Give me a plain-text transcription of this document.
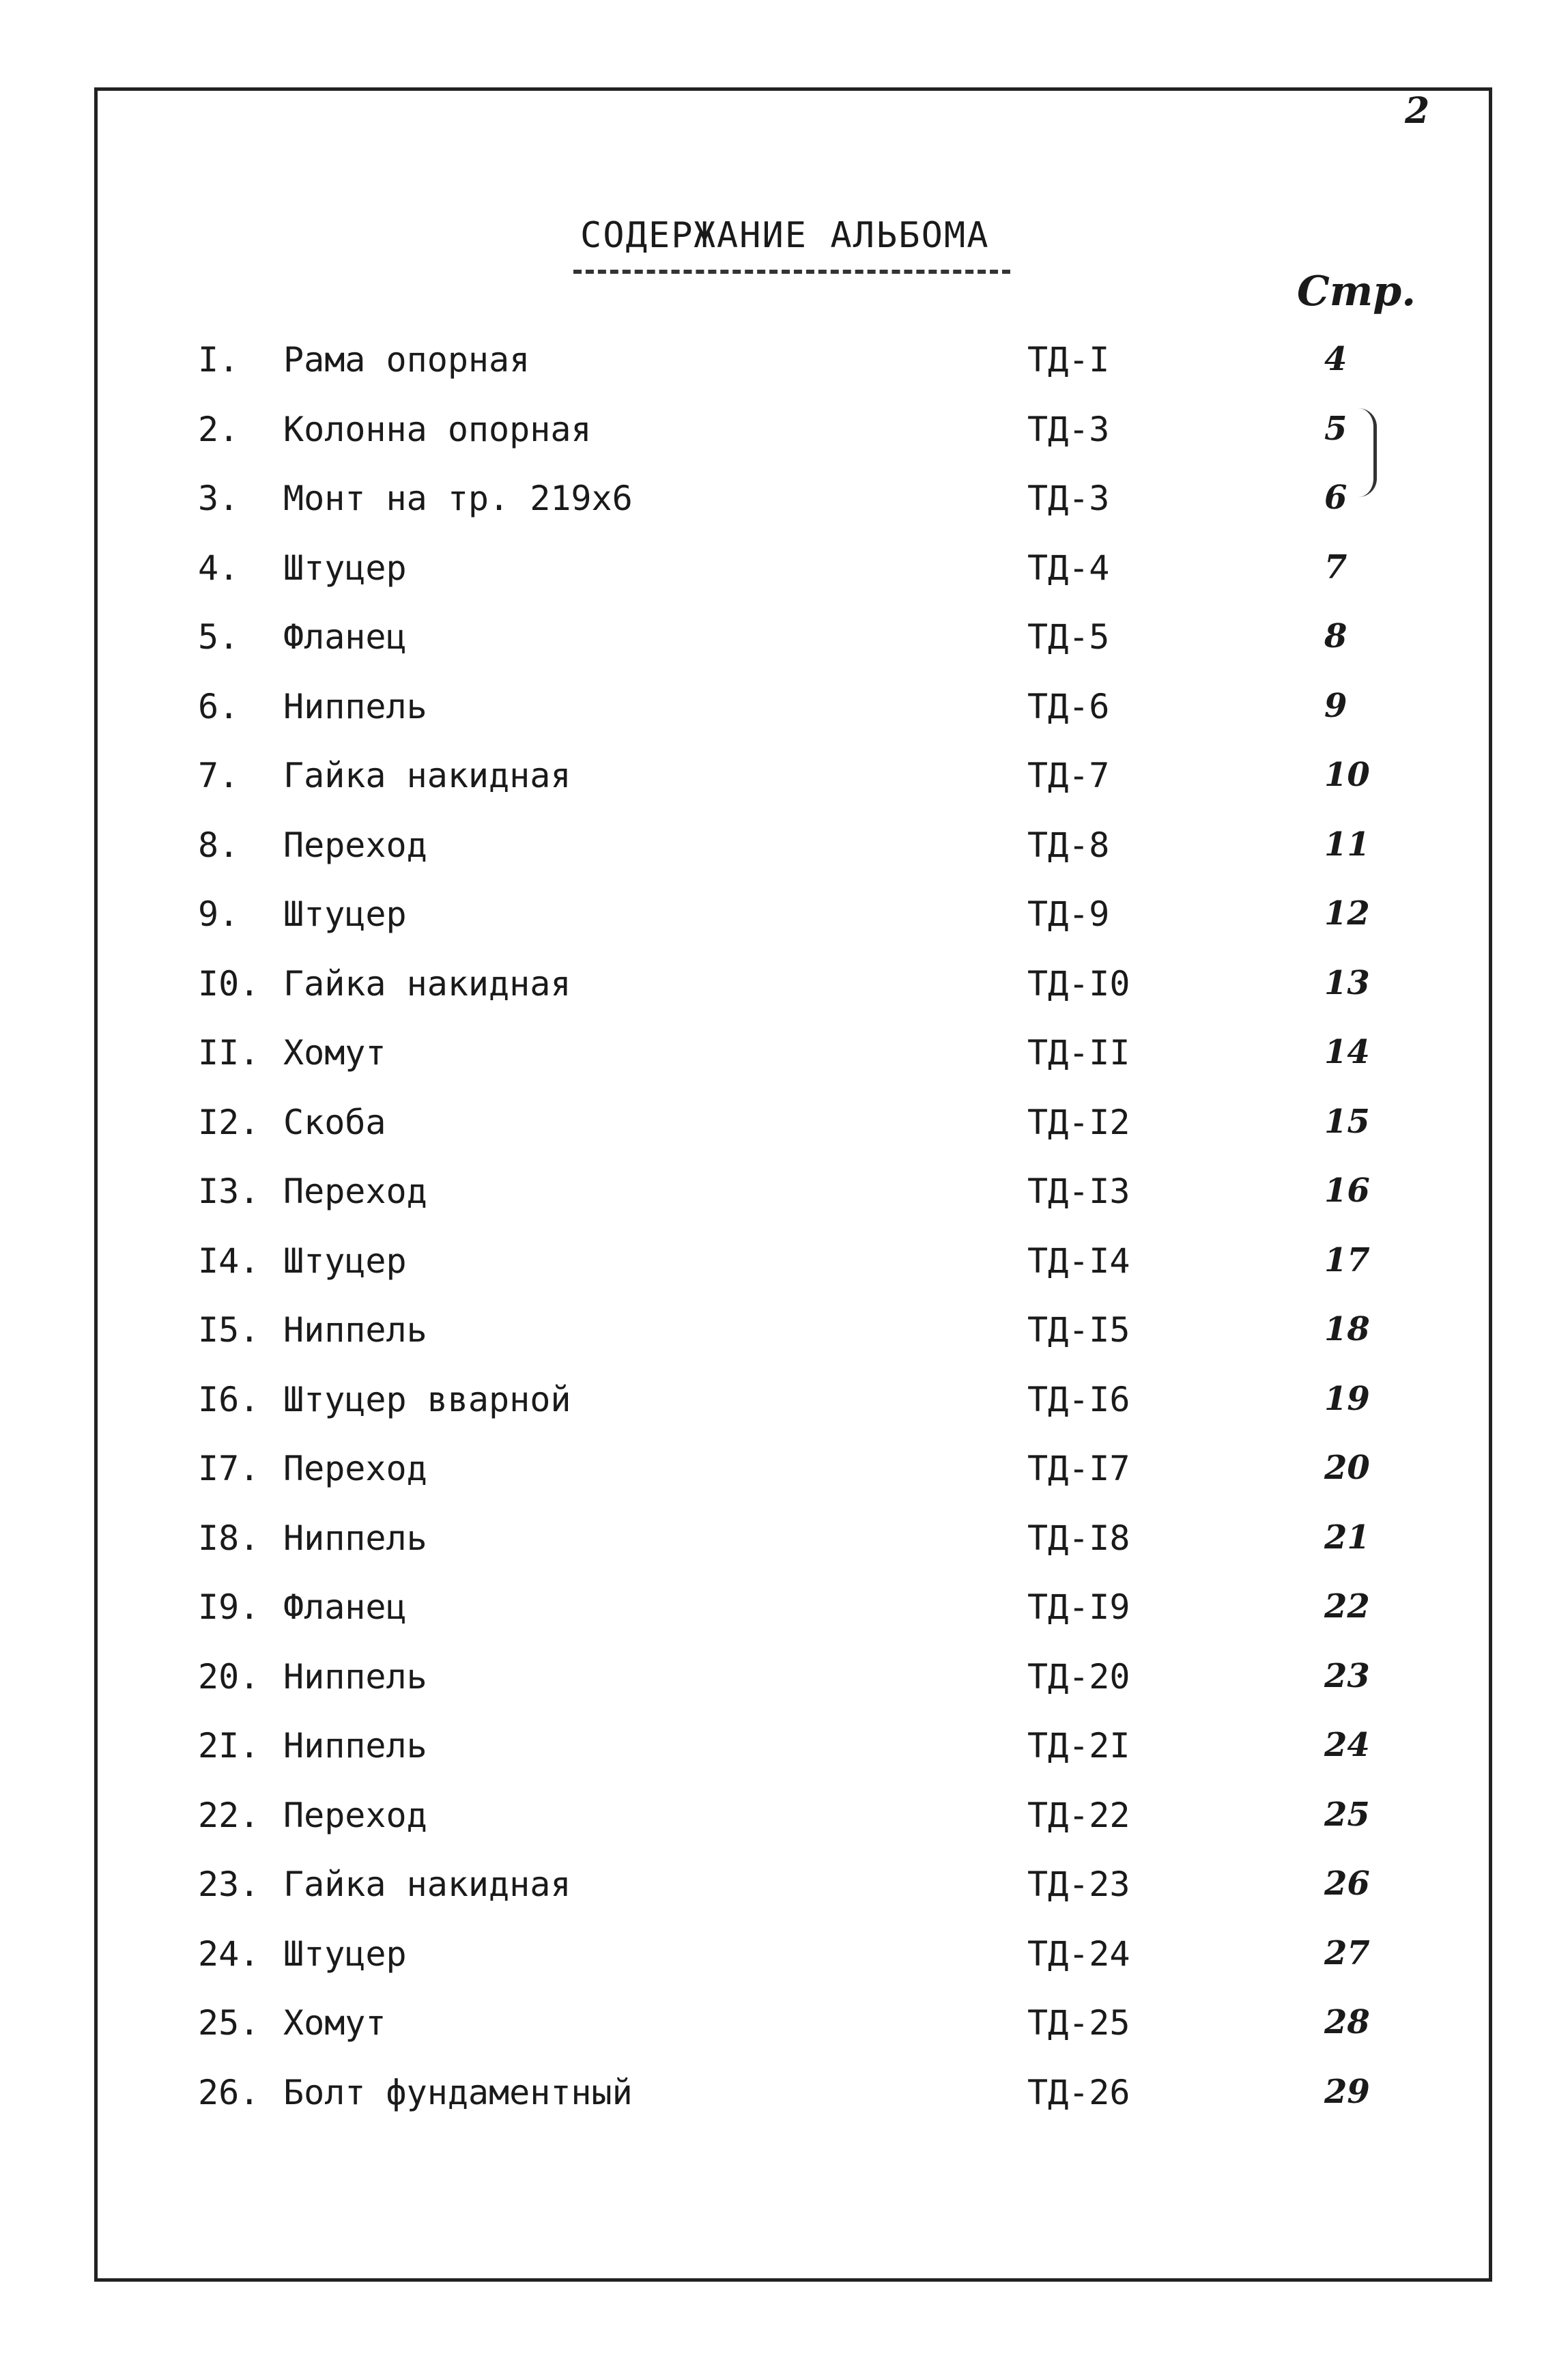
2
СОДЕРЖАНИЕ АЛЬБОМА
Стр.
I.	Рама опорная	ТД-I	4
2.	Колонна опорная	ТД-3	5
3.	Монт на тр. 219х6	ТД-3	6
4.	Штуцер	ТД-4	7
5.	Фланец	ТД-5	8
6.	Ниппель	ТД-6	9
7.	Гайка накидная	ТД-7	10
8.	Переход	ТД-8	11
9.	Штуцер	ТД-9	12
I0. Гайка накидная	ТД-I0	13
II. Хомут	ТД-II	14
I2. Скоба	ТД-I2	15
I3. Переход	ТД-I3	16
I4. Штуцер	ТД-I4	17
I5. Ниппель	ТД-I5	18
I6. Штуцер вварной	ТД-I6	19
I7. Переход	ТД-I7	20
I8. Ниппель	ТД-I8	21
I9. Фланец	ТД-I9	22
20. Ниппель	ТД-20	23
2I. Ниппель	ТД-2I	24
22. Переход	ТД-22	25
23. Гайка накидная	ТД-23	26
24. Штуцер	ТД-24	27
25. Хомут	ТД-25	28
26. Болт фундаментный	ТД-26	29
